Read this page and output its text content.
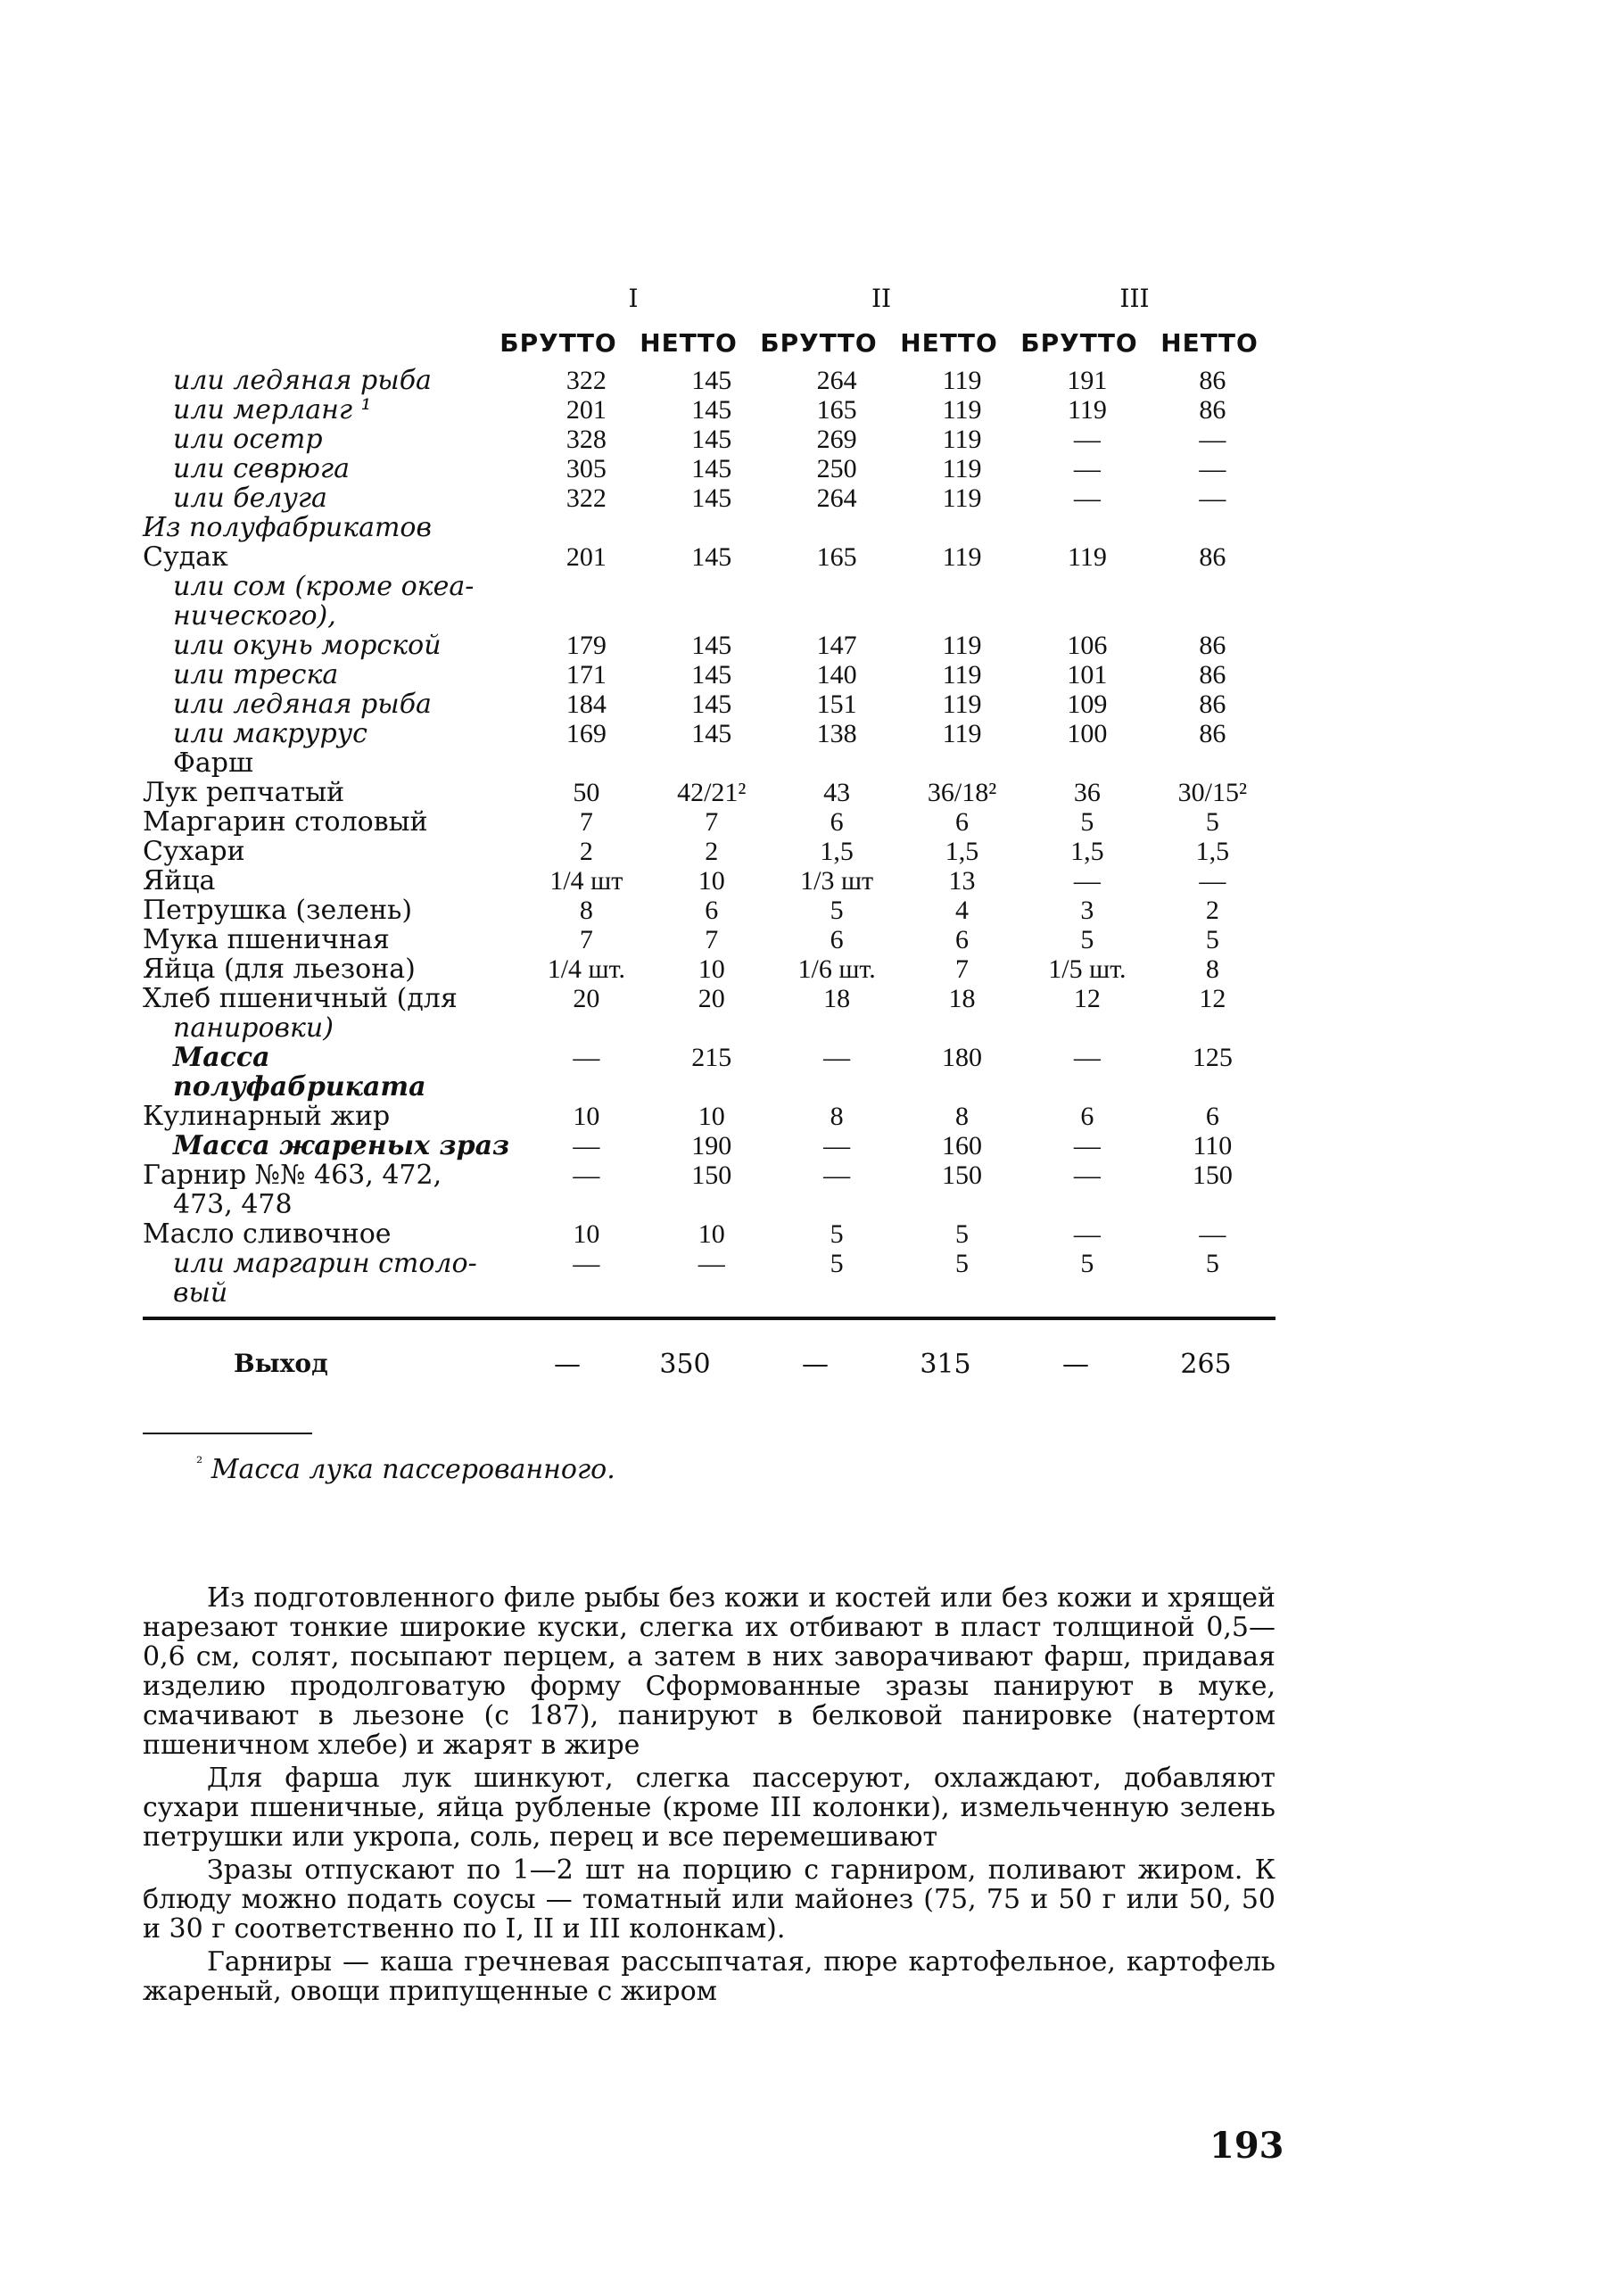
I	II	III
БРУТТО НЕТТО БРУТТО НЕТТО БРУТТО НЕТТО
или ледяная рыба	322	145	264	119	191	86
или мерланг ¹	201	145	165	119	119	86
или осетр	328	145	269	119	—	—
или севрюга	305	145	250	119	—	—
или белуга	322	145	264	119	—	—
Из полуфабрикатов						
Судак	201	145	165	119	119	86
или сом (кроме океа-						
нического),						
или окунь морской	179	145	147	119	106	86
или треска	171	145	140	119	101	86
или ледяная рыба	184	145	151	119	109	86
или макрурус	169	145	138	119	100	86
Фарш						
Лук репчатый	50	42/21²	43	36/18²	36	30/15²
Маргарин столовый	7	7	6	6	5	5
Сухари	2	2	1,5	1,5	1,5	1,5
Яйца	1/4 шт	10	1/3 шт	13	—	—
Петрушка (зелень)	8	6	5	4	3	2
Мука пшеничная	7	7	6	6	5	5
Яйца (для льезона)	1/4 шт.	10	1/6 шт.	7	1/5 шт.	8
Хлеб пшеничный (для	20	20	18	18	12	12
панировки)						
Масса полуфабриката	—	215	—	180	—	125
Кулинарный жир	10	10	8	8	6	6
Масса жареных зраз	—	190	—	160	—	110
Гарнир №№ 463, 472,	—	150	—	150	—	150
473, 478						
Масло сливочное	10	10	5	5	—	—
или маргарин столо-	—	—	5	5	5	5
вый						
Выход	—	350	—	315	—	265
$^{^2}$ Масса лука пассерованного.

Из подготовленного филе рыбы без кожи и костей или без кожи и хрящей нарезают тонкие широкие куски, слегка их отбивают в пласт толщиной 0,5—0,6 см, солят, посыпают перцем, а затем в них заворачивают фарш, придавая изделию продолговатую форму Сформованные зразы панируют в муке, смачивают в льезоне (с 187), панируют в белковой панировке (натертом пшеничном хлебе) и жарят в жире

Для фарша лук шинкуют, слегка пассеруют, охлаждают, добавляют сухари пшеничные, яйца рубленые (кроме III колонки), измельченную зелень петрушки или укропа, соль, перец и все перемешивают

Зразы отпускают по 1—2 шт на порцию с гарниром, поливают жиром. К блюду можно подать соусы — томатный или майонез (75, 75 и 50 г или 50, 50 и 30 г соответственно по I, II и III колонкам).

Гарниры — каша гречневая рассыпчатая, пюре картофельное, картофель жареный, овощи припущенные с жиром

193
